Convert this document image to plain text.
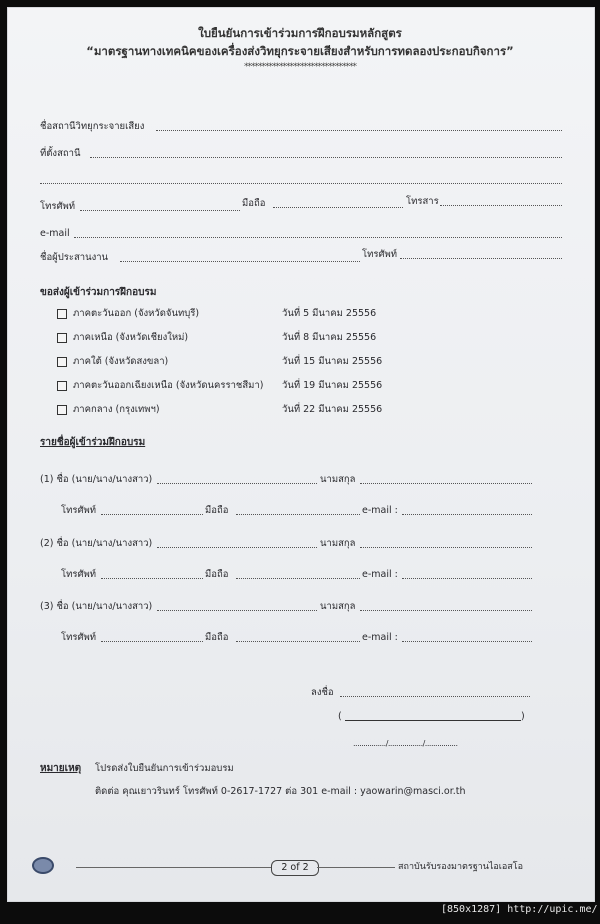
ใบยืนยันการเข้าร่วมการฝึกอบรมหลักสูตร
“มาตรฐานทางเทคนิคของเครื่องส่งวิทยุกระจายเสียงสำหรับการทดลองประกอบกิจการ”
********************************
ชื่อสถานีวิทยุกระจายเสียง
ที่ตั้งสถานี
โทรศัพท์	มือถือ	โทรสาร
e-mail
ชื่อผู้ประสานงาน	โทรศัพท์
ขอส่งผู้เข้าร่วมการฝึกอบรม
ภาคตะวันออก (จังหวัดจันทบุรี)	วันที่ 5 มีนาคม 25556
ภาคเหนือ (จังหวัดเชียงใหม่)	วันที่ 8 มีนาคม 25556
ภาคใต้ (จังหวัดสงขลา)	วันที่ 15 มีนาคม 25556
ภาคตะวันออกเฉียงเหนือ (จังหวัดนครราชสีมา) วันที่ 19 มีนาคม 25556
ภาคกลาง (กรุงเทพฯ)	วันที่ 22 มีนาคม 25556
รายชื่อผู้เข้าร่วมฝึกอบรม
(1) ชื่อ (นาย/นาง/นางสาว)	นามสกุล
โทรศัพท์	มือถือ	e-mail :
(2) ชื่อ (นาย/นาง/นางสาว)	นามสกุล
โทรศัพท์	มือถือ	e-mail :
(3) ชื่อ (นาย/นาง/นางสาว)	นามสกุล
โทรศัพท์	มือถือ	e-mail :
ลงชื่อ
(	)
................/................./................
หมายเหตุ โปรดส่งใบยืนยันการเข้าร่วมอบรม
ติดต่อ คุณเยาวรินทร์ โทรศัพท์ 0-2617-1727 ต่อ 301 e-mail : yaowarin@masci.or.th
2 of 2	สถาบันรับรองมาตรฐานไอเอสโอ
[850x1287] http://upic.me/
